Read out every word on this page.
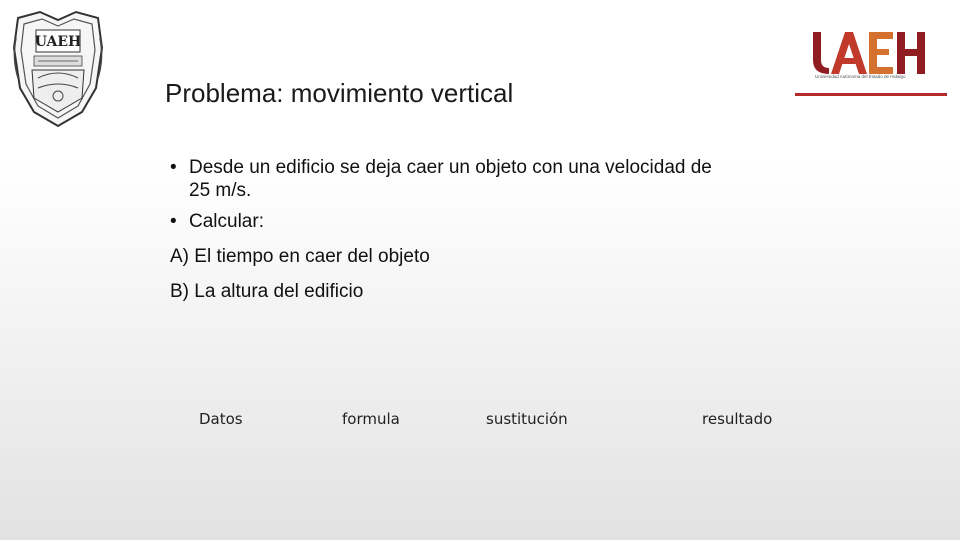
UAEH
Universidad Autónoma del Estado de Hidalgo
Problema: movimiento vertical
• Desde un edificio se deja caer un objeto con una velocidad de 25 m/s.
• Calcular:
A) El tiempo en caer del objeto
B) La altura del edificio
Datos	formula	sustitución	resultado
